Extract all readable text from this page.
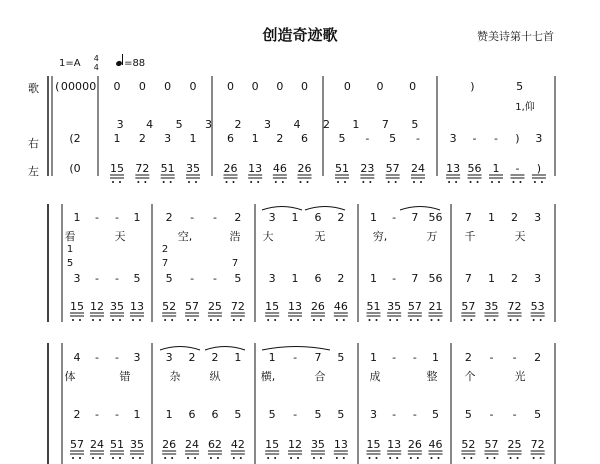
创造奇迹歌	赞美诗第十七首
1=A 4
4	=88
歌
右
左
( 0 0 0 0 0 0 0 0 0	0 0 0 0	0 0 0	)	5
1,仰
3 4 5 3 2 3 4 2 1 7 5
(2	1 2 3 1	6 1 2 6	5 - 5 -	3 - - ) 3
(0	15 72 51 35 26 13 46 26 51 23 57 24 13 56 1 - )
1 - - 1 2 - - 2 3 1 6 2 1 - 7 56 7 1 2 3
看	天	空,	浩 大	无	穷,	万 千	天
1	2
5	7	7
3 - - 5 5 - - 5 3 1 6 2 1 - 7 56 7 1 2 3
15 12 35 13 52 57 25 72 15 13 26 46 51 35 57 21 57 35 72 53
4 - - 3 3 2 2 1 1 - 7 5 1 - - 1 2 - - 2
体	错	杂	纵	横,	合	成	整 个	光
2 - - 1 1 6 6 5 5 - 5 5 3 - - 5 5 - - 5
57 24 51 35 26 24 62 42 15 12 35 13 15 13 26 46 52 57 25 72
